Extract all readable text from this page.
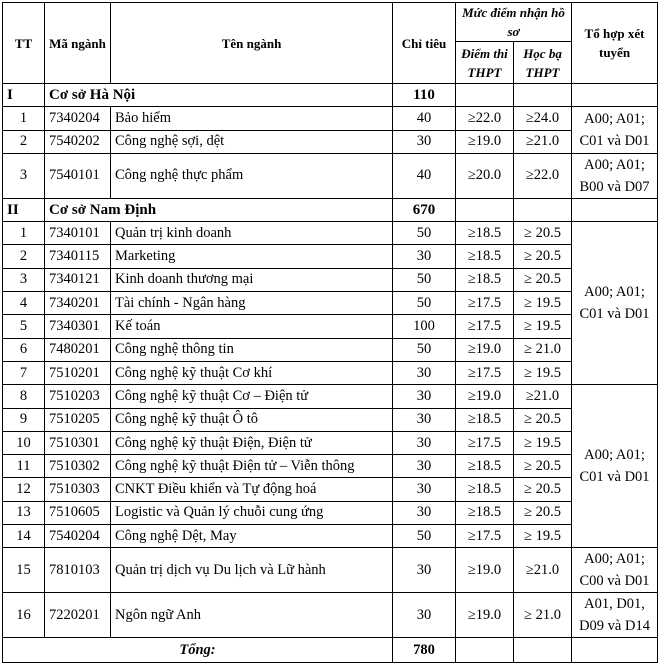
TT	Mã ngành	Tên ngành	Chỉ tiêu	Mức điểm nhận hồ sơ		Tổ hợp xét tuyển
				Điểm thi THPT	Học bạ THPT	
I	Cơ sở Hà Nội		110			
1	7340204	Bảo hiểm	40	≥22.0	≥24.0	A00; A01;
C01 và D01

2	7540202	Công nghệ sợi, dệt	30	≥19.0	≥21.0	
3	7540101	Công nghệ thực phẩm	40	≥20.0	≥22.0	A00; A01;
B00 và D07

II	Cơ sở Nam Định		670			
1	7340101	Quản trị kinh doanh	50	≥18.5	≥ 20.5	A00; A01;
C01 và D01

2	7340115	Marketing	30	≥18.5	≥ 20.5	
3	7340121	Kinh doanh thương mại	50	≥18.5	≥ 20.5	
4	7340201	Tài chính - Ngân hàng	50	≥17.5	≥ 19.5	
5	7340301	Kế toán	100	≥17.5	≥ 19.5	
6	7480201	Công nghệ thông tin	50	≥19.0	≥ 21.0	
7	7510201	Công nghệ kỹ thuật Cơ khí	30	≥17.5	≥ 19.5	
8	7510203	Công nghệ kỹ thuật Cơ – Điện tử	30	≥19.0	≥21.0	A00; A01;
C01 và D01

9	7510205	Công nghệ kỹ thuật Ô tô	30	≥18.5	≥ 20.5	
10	7510301	Công nghệ kỹ thuật Điện, Điện tử	30	≥17.5	≥ 19.5	
11	7510302	Công nghệ kỹ thuật Điện tử – Viễn thông	30	≥18.5	≥ 20.5	
12	7510303	CNKT Điều khiển và Tự động hoá	30	≥18.5	≥ 20.5	
13	7510605	Logistic và Quản lý chuỗi cung ứng	30	≥18.5	≥ 20.5	
14	7540204	Công nghệ Dệt, May	50	≥17.5	≥ 19.5	
15	7810103	Quản trị dịch vụ Du lịch và Lữ hành	30	≥19.0	≥21.0	A00; A01;
C00 và D01

16	7220201	Ngôn ngữ Anh	30	≥19.0	≥ 21.0	A01, D01,
D09 và D14

Tổng:			780			
